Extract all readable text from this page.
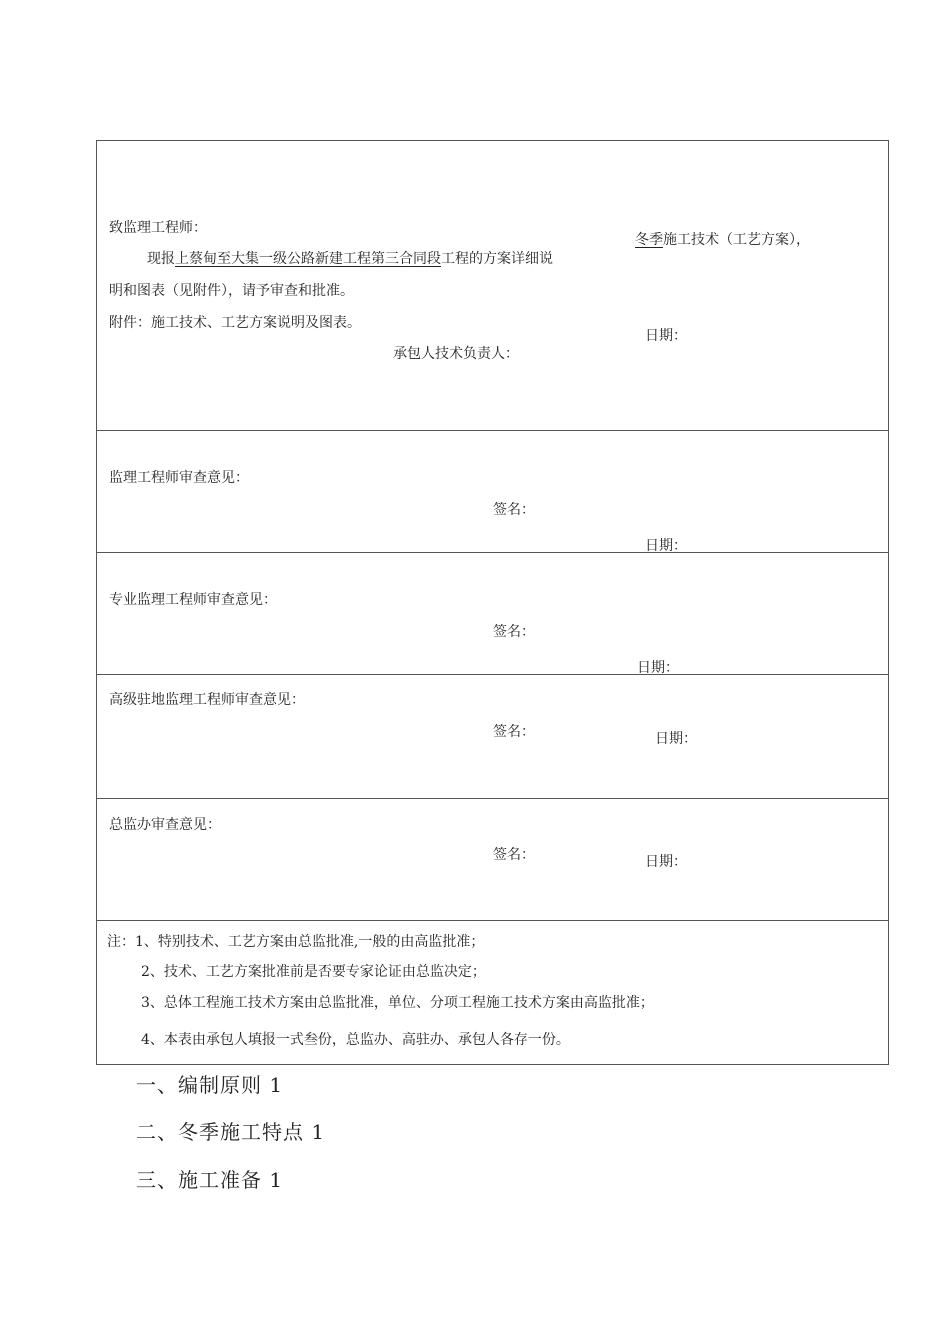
致监理工程师：
冬季施工技术（工艺方案），
现报上蔡甸至大集一级公路新建工程第三合同段工程的方案详细说
明和图表（见附件），请予审查和批准。
附件：施工技术、工艺方案说明及图表。
日期：
承包人技术负责人：
监理工程师审查意见：
签名：
日期：
专业监理工程师审查意见：
签名：
日期：
高级驻地监理工程师审查意见：
签名：	日期：
总监办审查意见：
签名：	日期：
注：1、特别技术、工艺方案由总监批准,一般的由高监批准；
2、技术、工艺方案批准前是否要专家论证由总监决定；
3、总体工程施工技术方案由总监批准，单位、分项工程施工技术方案由高监批准；
4、本表由承包人填报一式叁份，总监办、高驻办、承包人各存一份。
一、编制原则 1
二、冬季施工特点 1
三、施工准备 1
